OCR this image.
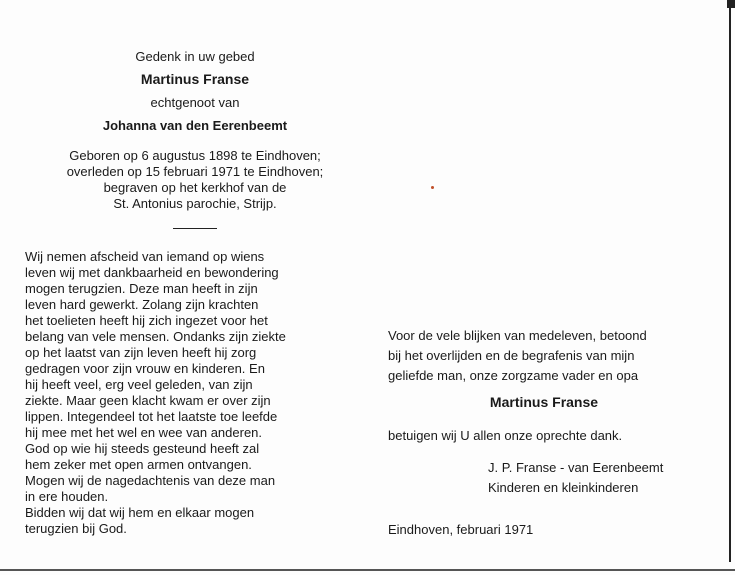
Gedenk in uw gebed

Martinus Franse

echtgenoot van

Johanna van den Eerenbeemt

Geboren op 6 augustus 1898 te Eindhoven;
overleden op 15 februari 1971 te Eindhoven;
begraven op het kerkhof van de
St. Antonius parochie, Strijp.
Wij nemen afscheid van iemand op wiens
leven wij met dankbaarheid en bewondering
mogen terugzien. Deze man heeft in zijn
leven hard gewerkt. Zolang zijn krachten
het toelieten heeft hij zich ingezet voor het
belang van vele mensen. Ondanks zijn ziekte
op het laatst van zijn leven heeft hij zorg
gedragen voor zijn vrouw en kinderen. En
hij heeft veel, erg veel geleden, van zijn
ziekte. Maar geen klacht kwam er over zijn
lippen. Integendeel tot het laatste toe leefde
hij mee met het wel en wee van anderen.
God op wie hij steeds gesteund heeft zal
hem zeker met open armen ontvangen.
Mogen wij de nagedachtenis van deze man
in ere houden.
Bidden wij dat wij hem en elkaar mogen
terugzien bij God.
Voor de vele blijken van medeleven, betoond
bij het overlijden en de begrafenis van mijn
geliefde man, onze zorgzame vader en opa

Martinus Franse

betuigen wij U allen onze oprechte dank.

J. P. Franse - van Eerenbeemt
Kinderen en kleinkinderen

Eindhoven, februari 1971
